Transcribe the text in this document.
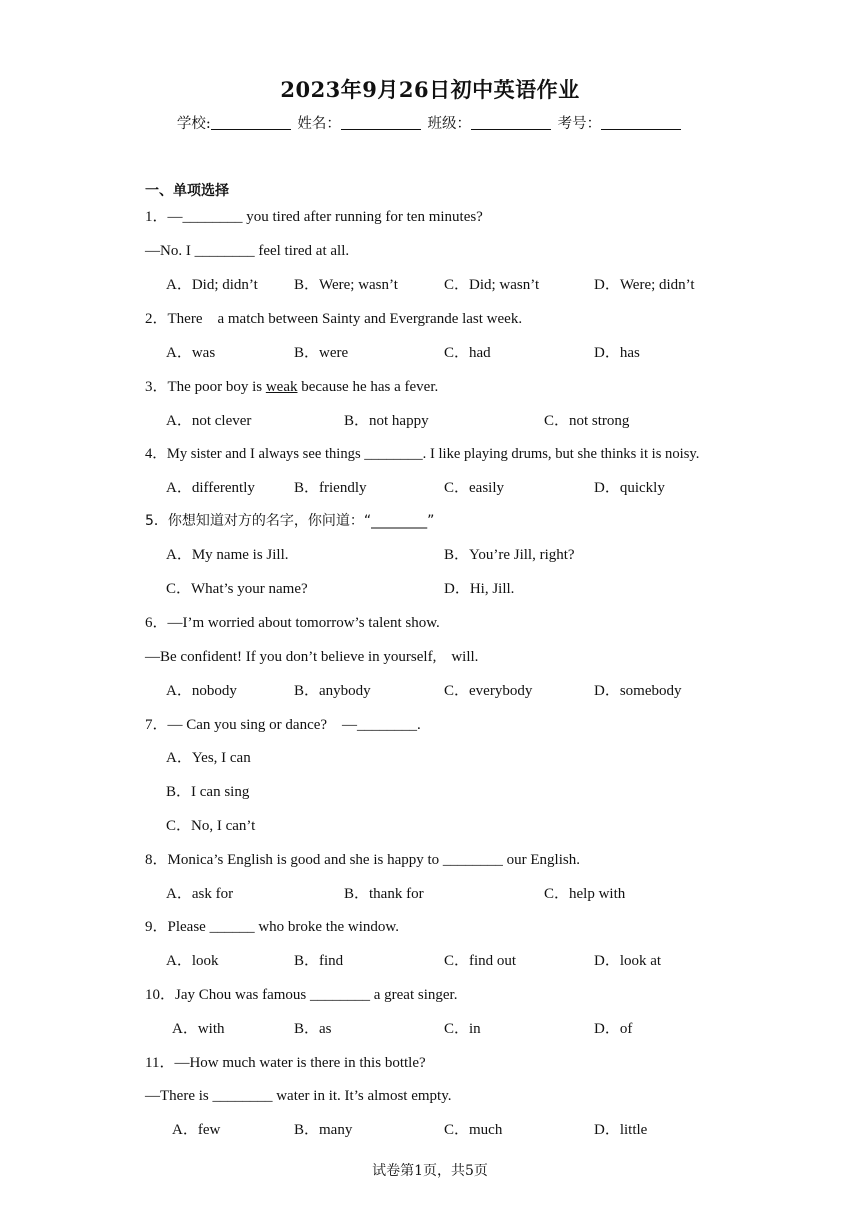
2023年9月26日初中英语作业
学校:	姓名：	班级：	考号：
一、单项选择
1．—________ you tired after running for ten minutes?
—No. I ________ feel tired at all.
A．Did; didn’t B．Were; wasn’t	C．Did; wasn’t	D．Were; didn’t
2．There　a match between Sainty and Evergrande last week.
A．was	B．were	C．had	D．has
3．The poor boy is weak because he has a fever.
A．not clever	B．not happy	C．not strong
4．My sister and I always see things ________. I like playing drums, but she thinks it is noisy.
A．differently	B．friendly	C．easily	D．quickly
5．你想知道对方的名字，你问道：“________”
A．My name is Jill.	B．You’re Jill, right?
C．What’s your name?	D．Hi, Jill.
6．—I’m worried about tomorrow’s talent show.
—Be confident! If you don’t believe in yourself,　will.
A．nobody	B．anybody	C．everybody	D．somebody
7．— Can you sing or dance?　—________.
A．Yes, I can
B．I can sing
C．No, I can’t
8．Monica’s English is good and she is happy to ________ our English.
A．ask for	B．thank for	C．help with
9．Please ______ who broke the window.
A．look	B．find	C．find out	D．look at
10．Jay Chou was famous ________ a great singer.
A．with	B．as	C．in	D．of
11．—How much water is there in this bottle?
—There is ________ water in it. It’s almost empty.
A．few	B．many	C．much	D．little
试卷第1页，共5页
